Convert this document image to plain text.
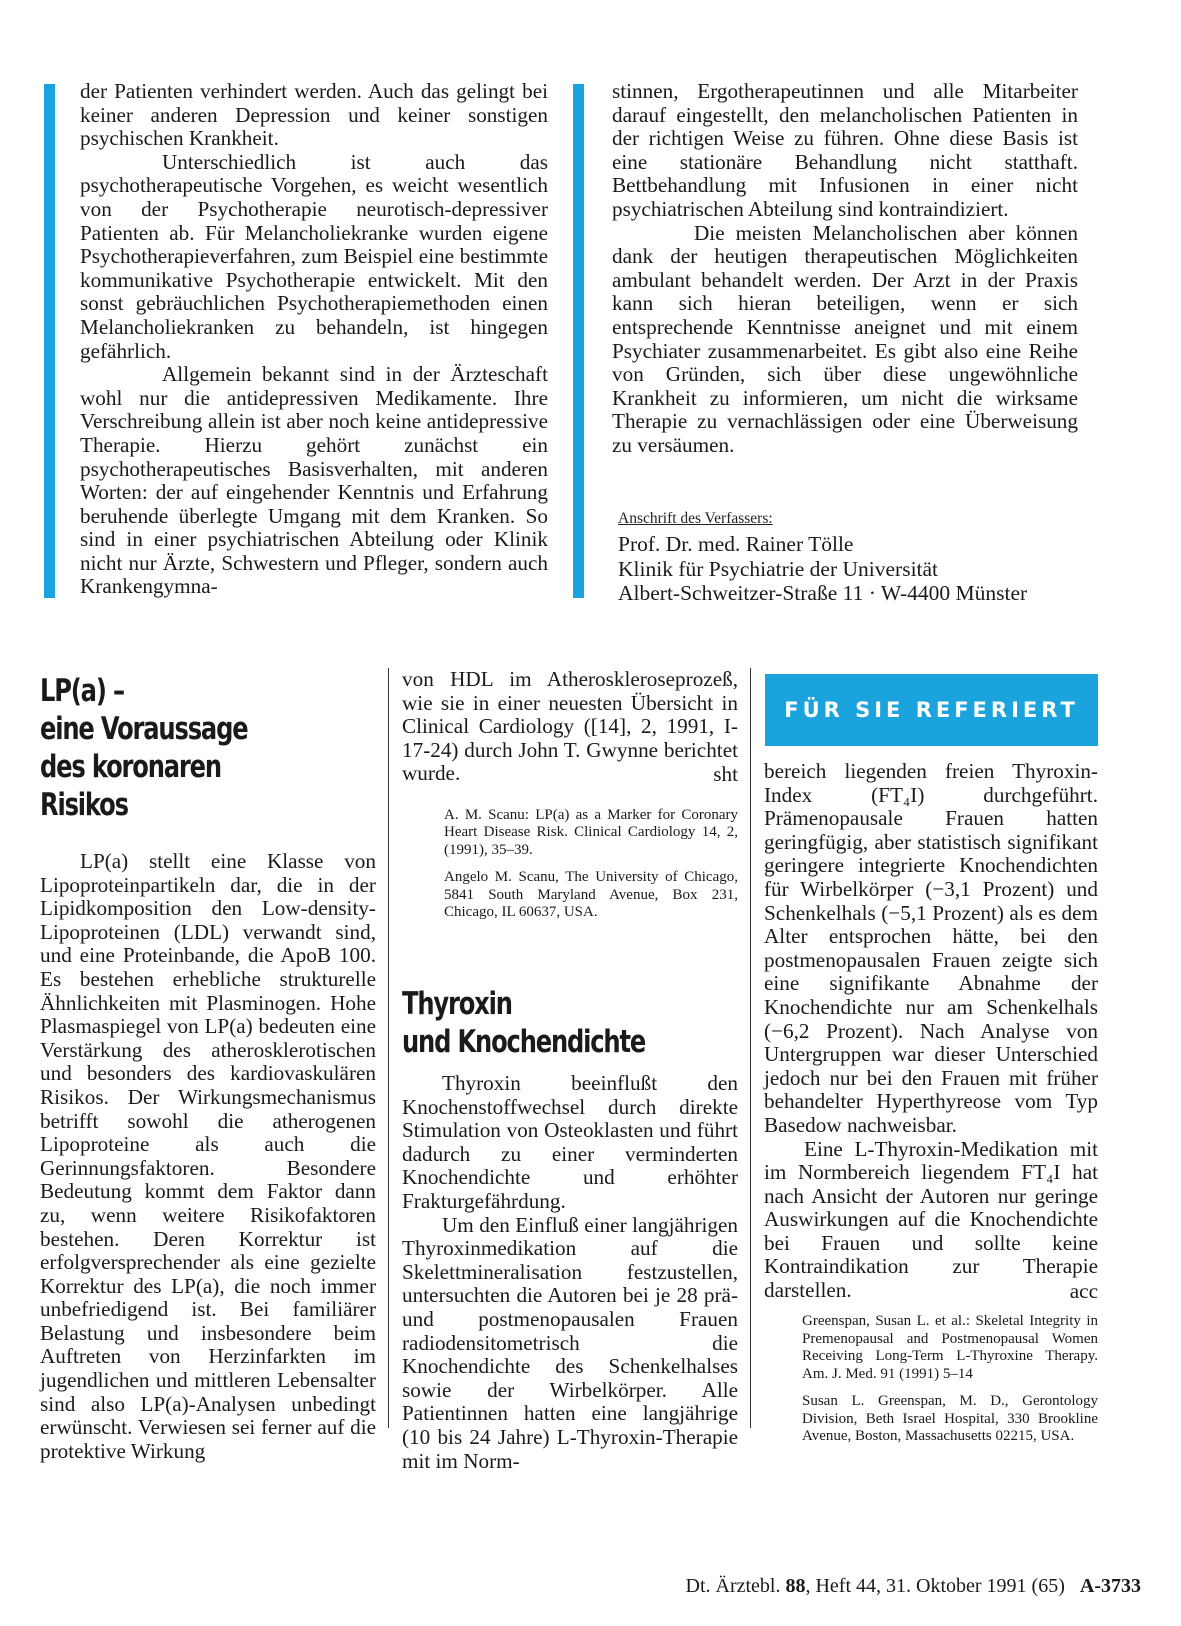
der Patienten verhindert werden. Auch das gelingt bei keiner anderen Depression und keiner sonstigen psychischen Krankheit.

Unterschiedlich ist auch das psychotherapeutische Vorgehen, es weicht wesentlich von der Psychotherapie neurotisch-depressiver Patienten ab. Für Melancholiekranke wurden eigene Psychotherapieverfahren, zum Beispiel eine bestimmte kommunikative Psychotherapie entwickelt. Mit den sonst gebräuchlichen Psychotherapiemethoden einen Melancholiekranken zu behandeln, ist hingegen gefährlich.

Allgemein bekannt sind in der Ärzteschaft wohl nur die antidepressiven Medikamente. Ihre Verschreibung allein ist aber noch keine antidepressive Therapie. Hierzu gehört zunächst ein psychotherapeutisches Basisverhalten, mit anderen Worten: der auf eingehender Kenntnis und Erfahrung beruhende überlegte Umgang mit dem Kranken. So sind in einer psychiatrischen Abteilung oder Klinik nicht nur Ärzte, Schwestern und Pfleger, sondern auch Krankengymna-

stinnen, Ergotherapeutinnen und alle Mitarbeiter darauf eingestellt, den melancholischen Patienten in der richtigen Weise zu führen. Ohne diese Basis ist eine stationäre Behandlung nicht statthaft. Bettbehandlung mit Infusionen in einer nicht psychiatrischen Abteilung sind kontraindiziert.

Die meisten Melancholischen aber können dank der heutigen therapeutischen Möglichkeiten ambulant behandelt werden. Der Arzt in der Praxis kann sich hieran beteiligen, wenn er sich entsprechende Kenntnisse aneignet und mit einem Psychiater zusammenarbeitet. Es gibt also eine Reihe von Gründen, sich über diese ungewöhnliche Krankheit zu informieren, um nicht die wirksame Therapie zu vernachlässigen oder eine Überweisung zu versäumen.

Anschrift des Verfassers:

Prof. Dr. med. Rainer Tölle

Klinik für Psychiatrie der Universität

Albert-Schweitzer-Straße 11 · W-4400 Münster

LP(a) –
eine Voraussage
des koronaren
Risikos

LP(a) stellt eine Klasse von Lipoproteinpartikeln dar, die in der Lipidkomposition den Low-density-Lipoproteinen (LDL) verwandt sind, und eine Proteinbande, die ApoB 100. Es bestehen erhebliche strukturelle Ähnlichkeiten mit Plasminogen. Hohe Plasmaspiegel von LP(a) bedeuten eine Verstärkung des atherosklerotischen und besonders des kardiovaskulären Risikos. Der Wirkungsmechanismus betrifft sowohl die atherogenen Lipoproteine als auch die Gerinnungsfaktoren. Besondere Bedeutung kommt dem Faktor dann zu, wenn weitere Risikofaktoren bestehen. Deren Korrektur ist erfolgversprechender als eine gezielte Korrektur des LP(a), die noch immer unbefriedigend ist. Bei familiärer Belastung und insbesondere beim Auftreten von Herzinfarkten im jugendlichen und mittleren Lebensalter sind also LP(a)-Analysen unbedingt erwünscht. Verwiesen sei ferner auf die protektive Wirkung

von HDL im Atheroskleroseprozeß, wie sie in einer neuesten Übersicht in Clinical Cardiology ([14], 2, 1991, I-17-24) durch John T. Gwynne berichtet wurde.	sht

A. M. Scanu: LP(a) as a Marker for Coronary Heart Disease Risk. Clinical Cardiology 14, 2, (1991), 35–39.

Angelo M. Scanu, The University of Chicago, 5841 South Maryland Avenue, Box 231, Chicago, IL 60637, USA.

Thyroxin
und Knochendichte

Thyroxin beeinflußt den Knochenstoffwechsel durch direkte Stimulation von Osteoklasten und führt dadurch zu einer verminderten Knochendichte und erhöhter Frakturgefährdung.

Um den Einfluß einer langjährigen Thyroxinmedikation auf die Skelettmineralisation festzustellen, untersuchten die Autoren bei je 28 prä- und postmenopausalen Frauen radiodensitometrisch die Knochendichte des Schenkelhalses sowie der Wirbelkörper. Alle Patientinnen hatten eine langjährige (10 bis 24 Jahre) L-Thyroxin-Therapie mit im Norm-

FÜR SIE REFERIERT

bereich liegenden freien Thyroxin-Index (FT₄I) durchgeführt. Prämenopausale Frauen hatten geringfügig, aber statistisch signifikant geringere integrierte Knochendichten für Wirbelkörper (−3,1 Prozent) und Schenkelhals (−5,1 Prozent) als es dem Alter entsprochen hätte, bei den postmenopausalen Frauen zeigte sich eine signifikante Abnahme der Knochendichte nur am Schenkelhals (−6,2 Prozent). Nach Analyse von Untergruppen war dieser Unterschied jedoch nur bei den Frauen mit früher behandelter Hyperthyreose vom Typ Basedow nachweisbar.

Eine L-Thyroxin-Medikation mit im Normbereich liegendem FT₄I hat nach Ansicht der Autoren nur geringe Auswirkungen auf die Knochendichte bei Frauen und sollte keine Kontraindikation zur Therapie darstellen.	acc

Greenspan, Susan L. et al.: Skeletal Integrity in Premenopausal and Postmenopausal Women Receiving Long-Term L-Thyroxine Therapy. Am. J. Med. 91 (1991) 5–14

Susan L. Greenspan, M. D., Gerontology Division, Beth Israel Hospital, 330 Brookline Avenue, Boston, Massachusetts 02215, USA.

Dt. Ärztebl. 88, Heft 44, 31. Oktober 1991 (65) A-3733
